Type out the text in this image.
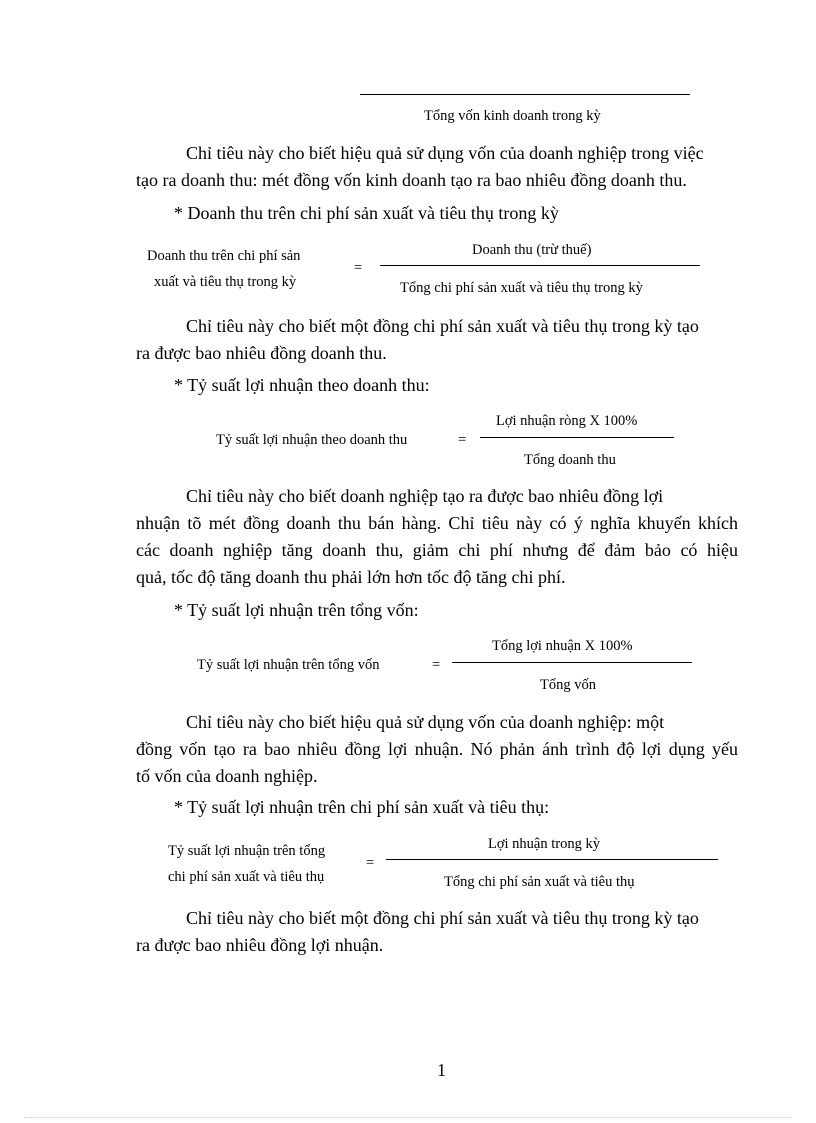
Tổng vốn kinh doanh trong kỳ
Chỉ tiêu này cho biết hiệu quả sử dụng vốn của doanh nghiệp trong việc
tạo ra doanh thu: mét đồng vốn kinh doanh tạo ra bao nhiêu đồng doanh thu.
* Doanh thu trên chi phí sản xuất và tiêu thụ trong kỳ
Doanh thu trên chi phí sản
xuất và tiêu thụ trong kỳ
=
Doanh thu (trừ thuế)
Tổng chi phí sản xuất và tiêu thụ trong kỳ
Chỉ tiêu này cho biết một đồng chi phí sản xuất và tiêu thụ trong kỳ tạo
ra được bao nhiêu đồng doanh thu.
* Tỷ suất lợi nhuận theo doanh thu:
Tỷ suất lợi nhuận theo doanh thu	=
Lợi nhuận ròng X 100%
Tổng doanh thu
Chỉ tiêu này cho biết doanh nghiệp tạo ra được bao nhiêu đồng lợi
nhuận tõ mét đồng doanh thu bán hàng. Chỉ tiêu này có ý nghĩa khuyến khích
các doanh nghiệp tăng doanh thu, giảm chi phí nhưng để đảm bảo có hiệu
quả, tốc độ tăng doanh thu phải lớn hơn tốc độ tăng chi phí.
* Tỷ suất lợi nhuận trên tổng vốn:
Tỷ suất lợi nhuận trên tổng vốn	=
Tổng lợi nhuận X 100%
Tổng vốn
Chỉ tiêu này cho biết hiệu quả sử dụng vốn của doanh nghiệp: một
đồng vốn tạo ra bao nhiêu đồng lợi nhuận. Nó phản ánh trình độ lợi dụng yếu
tố vốn của doanh nghiệp.
* Tỷ suất lợi nhuận trên chi phí sản xuất và tiêu thụ:
Tỷ suất lợi nhuận trên tổng
chi phí sản xuất và tiêu thụ
=
Lợi nhuận trong kỳ
Tổng chi phí sản xuất và tiêu thụ
Chỉ tiêu này cho biết một đồng chi phí sản xuất và tiêu thụ trong kỳ tạo
ra được bao nhiêu đồng lợi nhuận.
1
